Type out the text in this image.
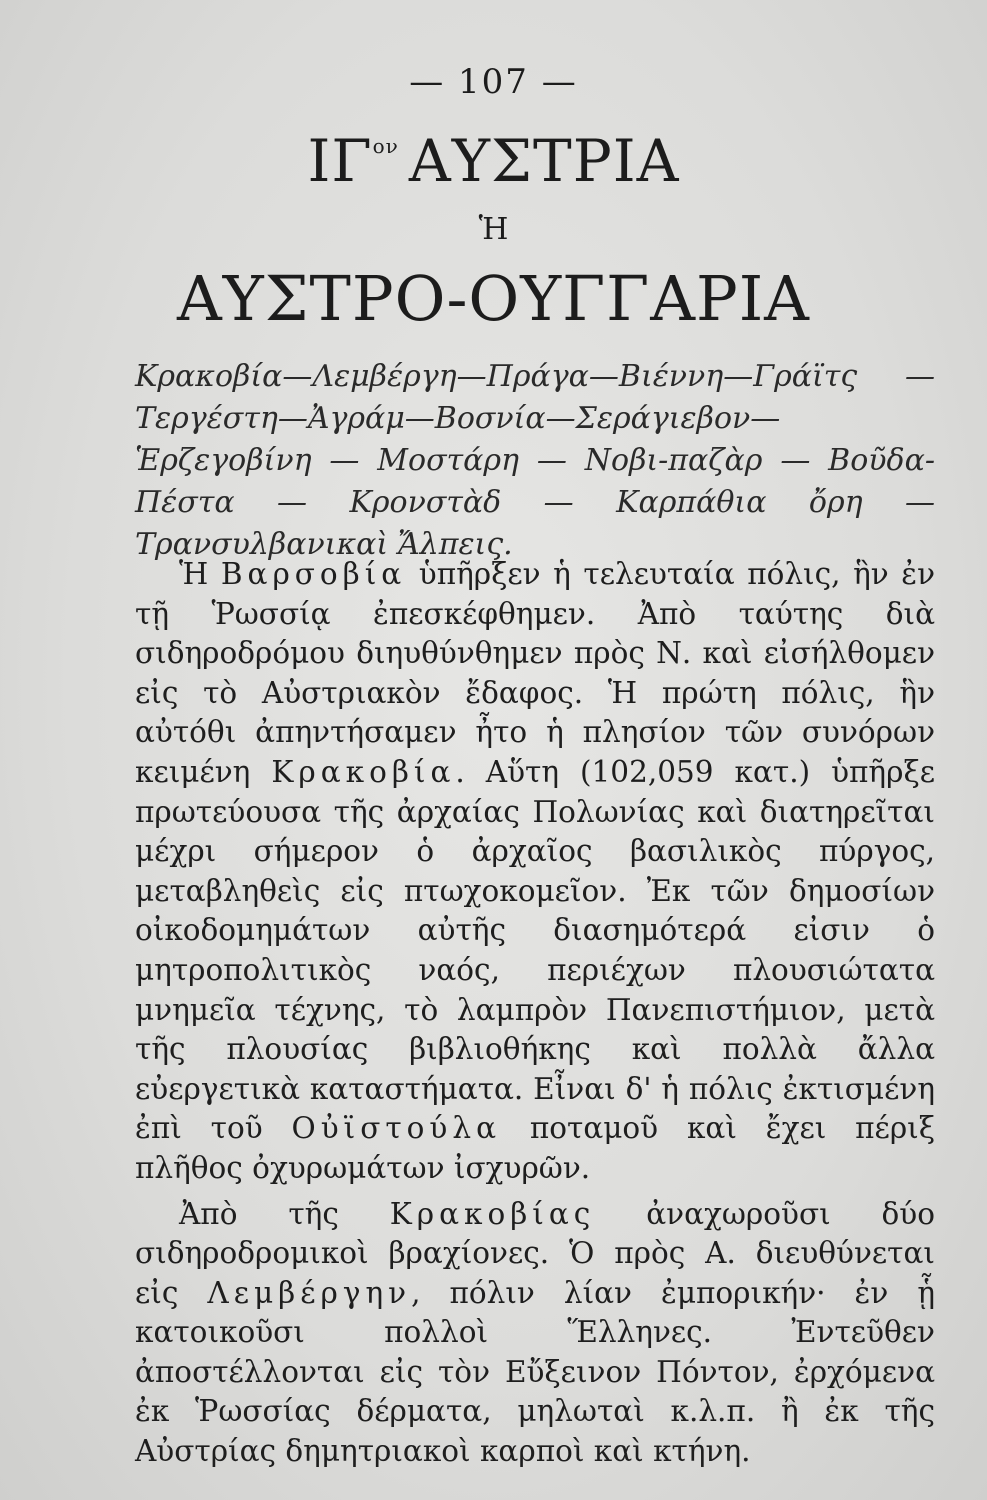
— 107 —
$I\Gamma^{o\nu}$ ΑΥΣΤΡΙΑ
Ἡ
ΑΥΣΤΡΟ-ΟΥΓΓΑΡΙΑ
Κρακοβία—Λεμβέργη—Πράγα—Βιέννη—Γράϊτς —Τεργέστη—Ἀγράμ—Βοσνία—Σεράγιεβον—Ἑρζεγοβίνη — Μοστάρη — Νοβι-παζὰρ — Βοῦδα-Πέστα — Κρονστὰδ — Καρπάθια ὄρη — Τρανσυλβανικαὶ Ἄλπεις.

Ἡ Βαρσοβία ὑπῆρξεν ἡ τελευταία πόλις, ἣν ἐν τῇ Ῥωσσίᾳ ἐπεσκέφθημεν. Ἀπὸ ταύτης διὰ σιδηροδρόμου διηυθύνθημεν πρὸς Ν. καὶ εἰσήλθομεν εἰς τὸ Αὐστριακὸν ἔδαφος. Ἡ πρώτη πόλις, ἣν αὐτόθι ἀπηντήσαμεν ἦτο ἡ πλησίον τῶν συνόρων κειμένη Κρακοβία. Αὕτη (102,059 κατ.) ὑπῆρξε πρωτεύουσα τῆς ἀρχαίας Πολωνίας καὶ διατηρεῖται μέχρι σήμερον ὁ ἀρχαῖος βασιλικὸς πύργος, μεταβληθεὶς εἰς πτωχοκομεῖον. Ἐκ τῶν δημοσίων οἰκοδομημάτων αὐτῆς διασημότερά εἰσιν ὁ μητροπολιτικὸς ναός, περιέχων πλουσιώτατα μνημεῖα τέχνης, τὸ λαμπρὸν Πανεπιστήμιον, μετὰ τῆς πλουσίας βιβλιοθήκης καὶ πολλὰ ἄλλα εὐεργετικὰ καταστήματα. Εἶναι δ' ἡ πόλις ἐκτισμένη ἐπὶ τοῦ Οὐϊστούλα ποταμοῦ καὶ ἔχει πέριξ πλῆθος ὀχυρωμάτων ἰσχυρῶν.

Ἀπὸ τῆς Κρακοβίας ἀναχωροῦσι δύο σιδηροδρομικοὶ βραχίονες. Ὁ πρὸς Α. διευθύνεται εἰς Λεμβέργην, πόλιν λίαν ἐμπορικήν· ἐν ᾗ κατοικοῦσι πολλοὶ Ἕλληνες. Ἐντεῦθεν ἀποστέλλονται εἰς τὸν Εὔξεινον Πόντον, ἐρχόμενα ἐκ Ῥωσσίας δέρματα, μηλωταὶ κ.λ.π. ἢ ἐκ τῆς Αὐστρίας δημητριακοὶ καρποὶ καὶ κτήνη.
